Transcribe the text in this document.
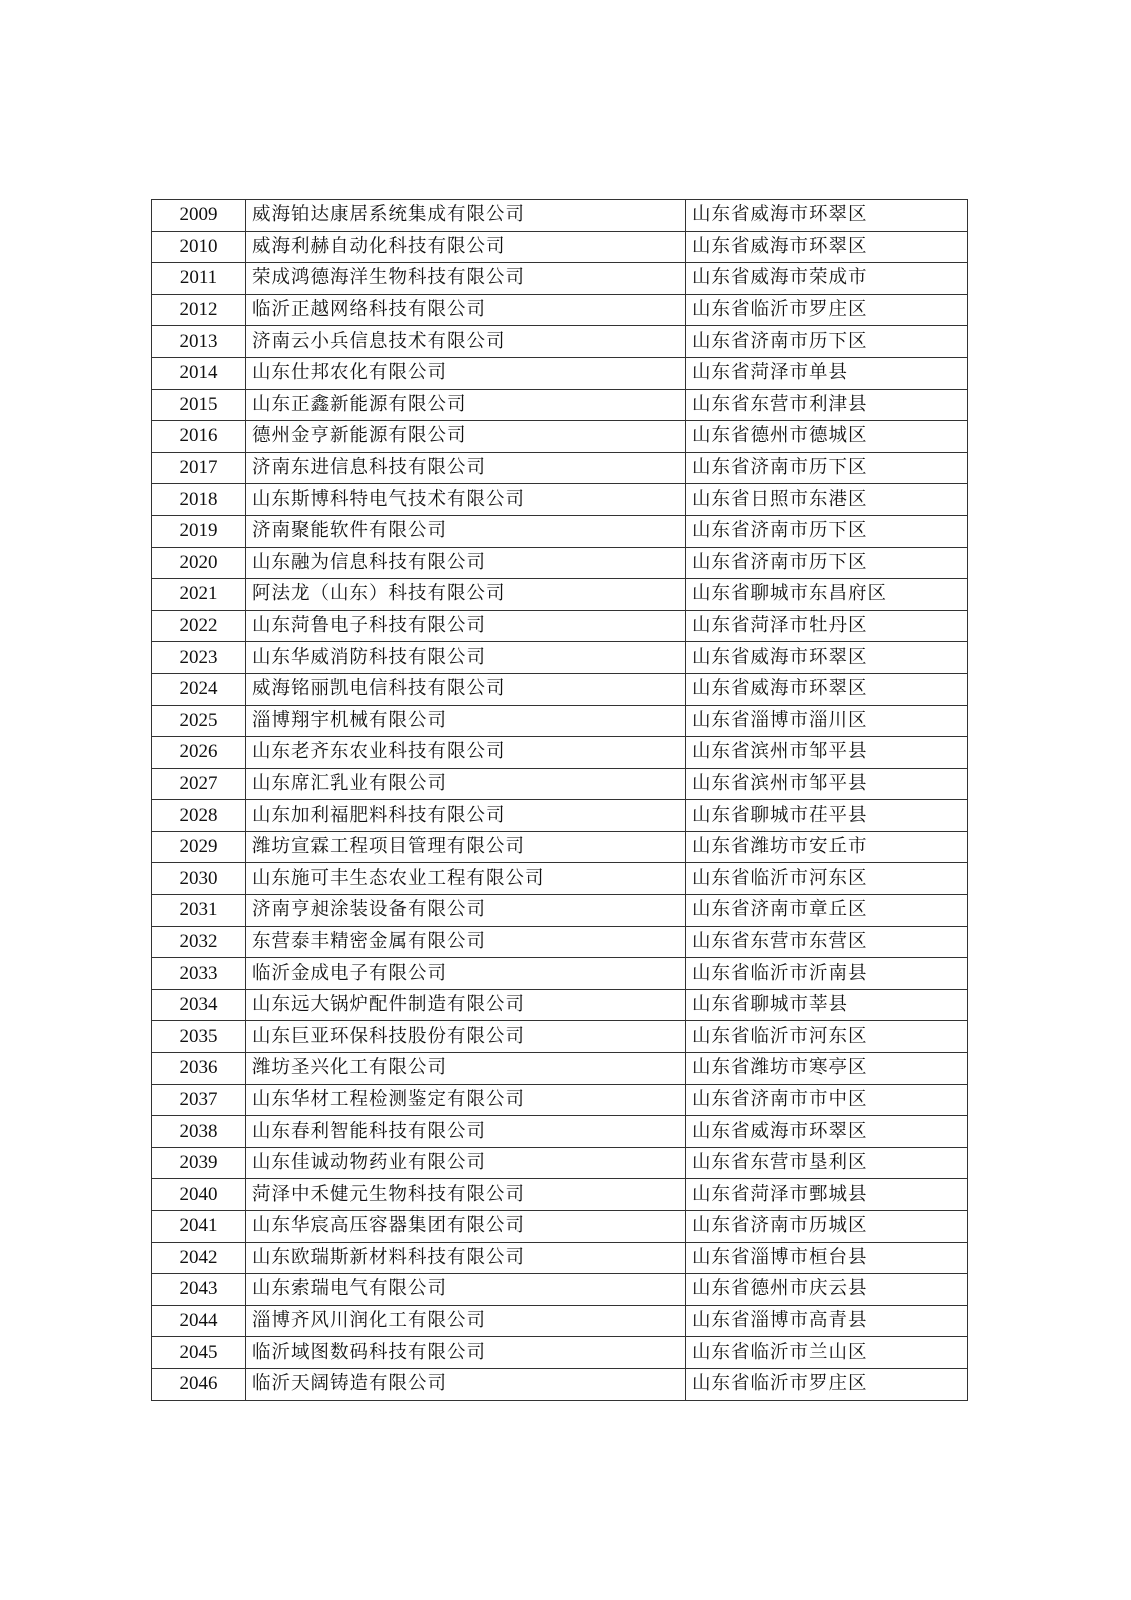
2009	威海铂达康居系统集成有限公司	山东省威海市环翠区
2010	威海利赫自动化科技有限公司	山东省威海市环翠区
2011	荣成鸿德海洋生物科技有限公司	山东省威海市荣成市
2012	临沂正越网络科技有限公司	山东省临沂市罗庄区
2013	济南云小兵信息技术有限公司	山东省济南市历下区
2014	山东仕邦农化有限公司	山东省菏泽市单县
2015	山东正鑫新能源有限公司	山东省东营市利津县
2016	德州金亨新能源有限公司	山东省德州市德城区
2017	济南东进信息科技有限公司	山东省济南市历下区
2018	山东斯博科特电气技术有限公司	山东省日照市东港区
2019	济南聚能软件有限公司	山东省济南市历下区
2020	山东融为信息科技有限公司	山东省济南市历下区
2021	阿法龙（山东）科技有限公司	山东省聊城市东昌府区
2022	山东菏鲁电子科技有限公司	山东省菏泽市牡丹区
2023	山东华威消防科技有限公司	山东省威海市环翠区
2024	威海铭丽凯电信科技有限公司	山东省威海市环翠区
2025	淄博翔宇机械有限公司	山东省淄博市淄川区
2026	山东老齐东农业科技有限公司	山东省滨州市邹平县
2027	山东席汇乳业有限公司	山东省滨州市邹平县
2028	山东加利福肥料科技有限公司	山东省聊城市茌平县
2029	潍坊宣霖工程项目管理有限公司	山东省潍坊市安丘市
2030	山东施可丰生态农业工程有限公司	山东省临沂市河东区
2031	济南亨昶涂装设备有限公司	山东省济南市章丘区
2032	东营泰丰精密金属有限公司	山东省东营市东营区
2033	临沂金成电子有限公司	山东省临沂市沂南县
2034	山东远大锅炉配件制造有限公司	山东省聊城市莘县
2035	山东巨亚环保科技股份有限公司	山东省临沂市河东区
2036	潍坊圣兴化工有限公司	山东省潍坊市寒亭区
2037	山东华材工程检测鉴定有限公司	山东省济南市市中区
2038	山东春利智能科技有限公司	山东省威海市环翠区
2039	山东佳诚动物药业有限公司	山东省东营市垦利区
2040	菏泽中禾健元生物科技有限公司	山东省菏泽市鄄城县
2041	山东华宸高压容器集团有限公司	山东省济南市历城区
2042	山东欧瑞斯新材料科技有限公司	山东省淄博市桓台县
2043	山东索瑞电气有限公司	山东省德州市庆云县
2044	淄博齐风川润化工有限公司	山东省淄博市高青县
2045	临沂域图数码科技有限公司	山东省临沂市兰山区
2046	临沂天阔铸造有限公司	山东省临沂市罗庄区
